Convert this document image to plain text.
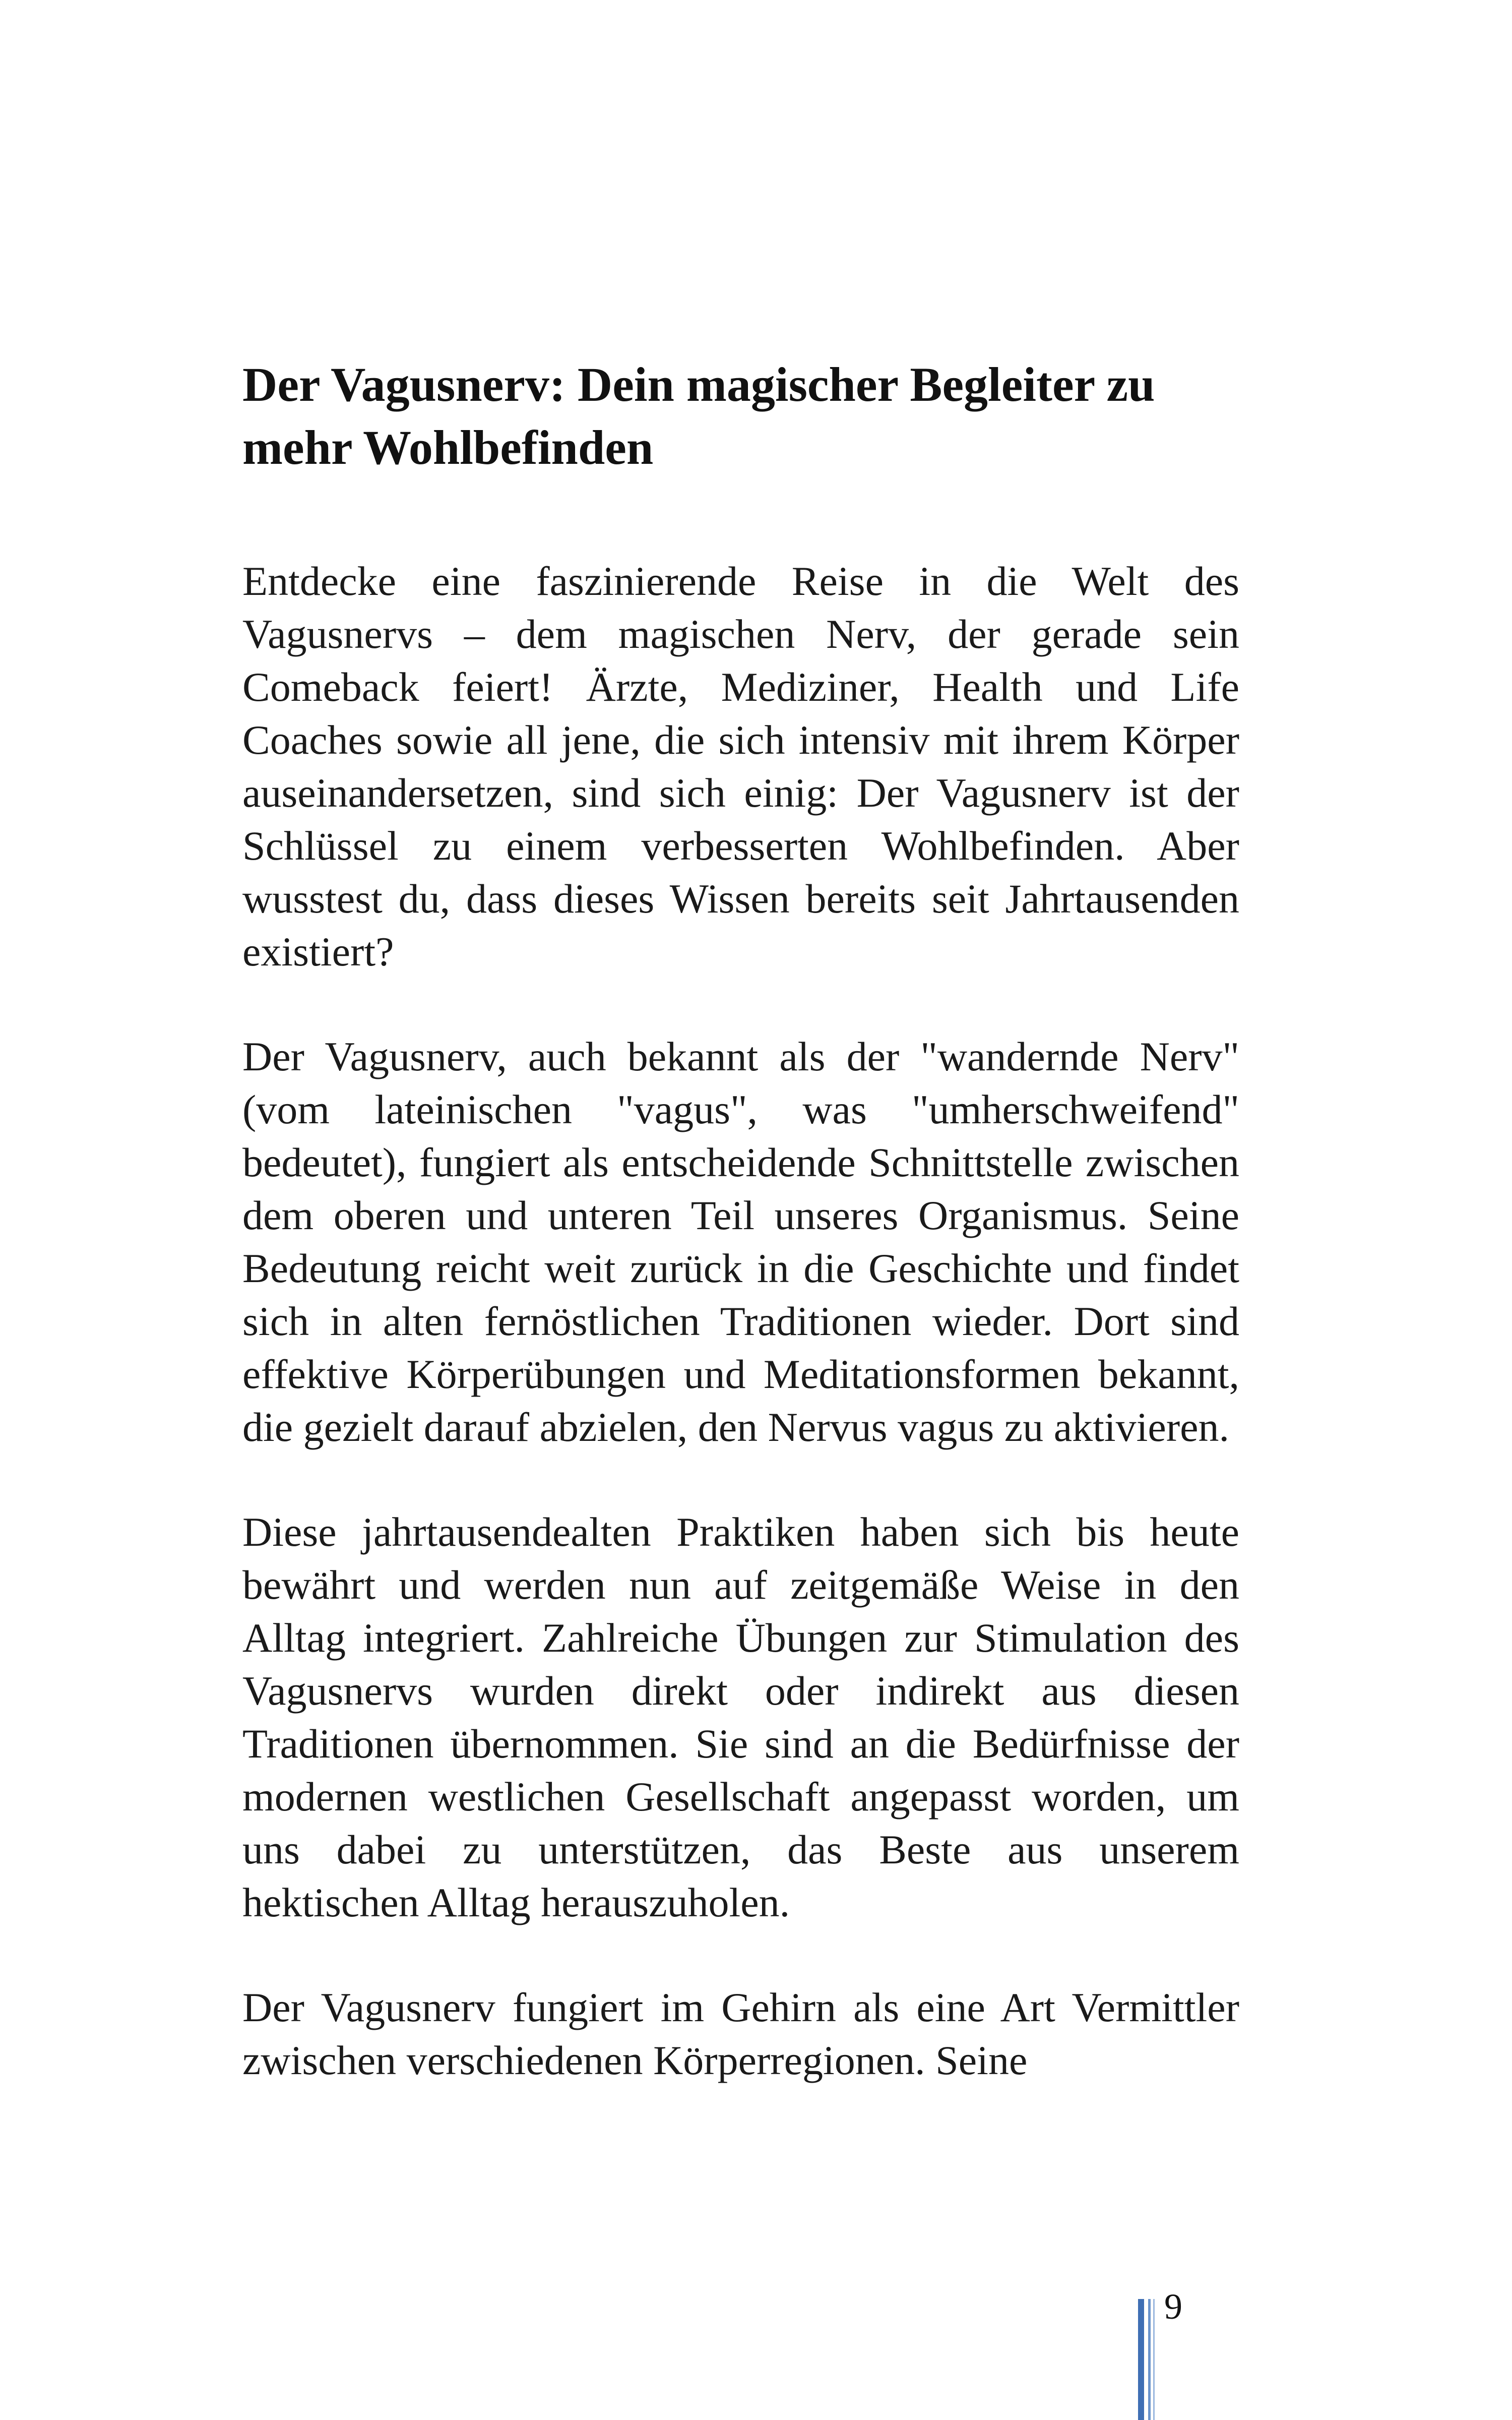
Der Vagusnerv: Dein magischer Begleiter zu mehr Wohlbefinden

Entdecke eine faszinierende Reise in die Welt des Vagusnervs – dem magischen Nerv, der gerade sein Comeback feiert! Ärzte, Mediziner, Health und Life Coaches sowie all jene, die sich intensiv mit ihrem Körper auseinandersetzen, sind sich einig: Der Vagusnerv ist der Schlüssel zu einem verbesserten Wohlbefinden. Aber wusstest du, dass dieses Wissen bereits seit Jahrtausenden existiert?

Der Vagusnerv, auch bekannt als der "wandernde Nerv" (vom lateinischen "vagus", was "umherschweifend" bedeutet), fungiert als entscheidende Schnittstelle zwischen dem oberen und unteren Teil unseres Organismus. Seine Bedeutung reicht weit zurück in die Geschichte und findet sich in alten fernöstlichen Traditionen wieder. Dort sind effektive Körperübungen und Meditationsformen bekannt, die gezielt darauf abzielen, den Nervus vagus zu aktivieren.

Diese jahrtausendealten Praktiken haben sich bis heute bewährt und werden nun auf zeitgemäße Weise in den Alltag integriert. Zahlreiche Übungen zur Stimulation des Vagusnervs wurden direkt oder indirekt aus diesen Traditionen übernommen. Sie sind an die Bedürfnisse der modernen westlichen Gesellschaft angepasst worden, um uns dabei zu unterstützen, das Beste aus unserem hektischen Alltag herauszuholen.

Der Vagusnerv fungiert im Gehirn als eine Art Vermittler zwischen verschiedenen Körperregionen. Seine

9
